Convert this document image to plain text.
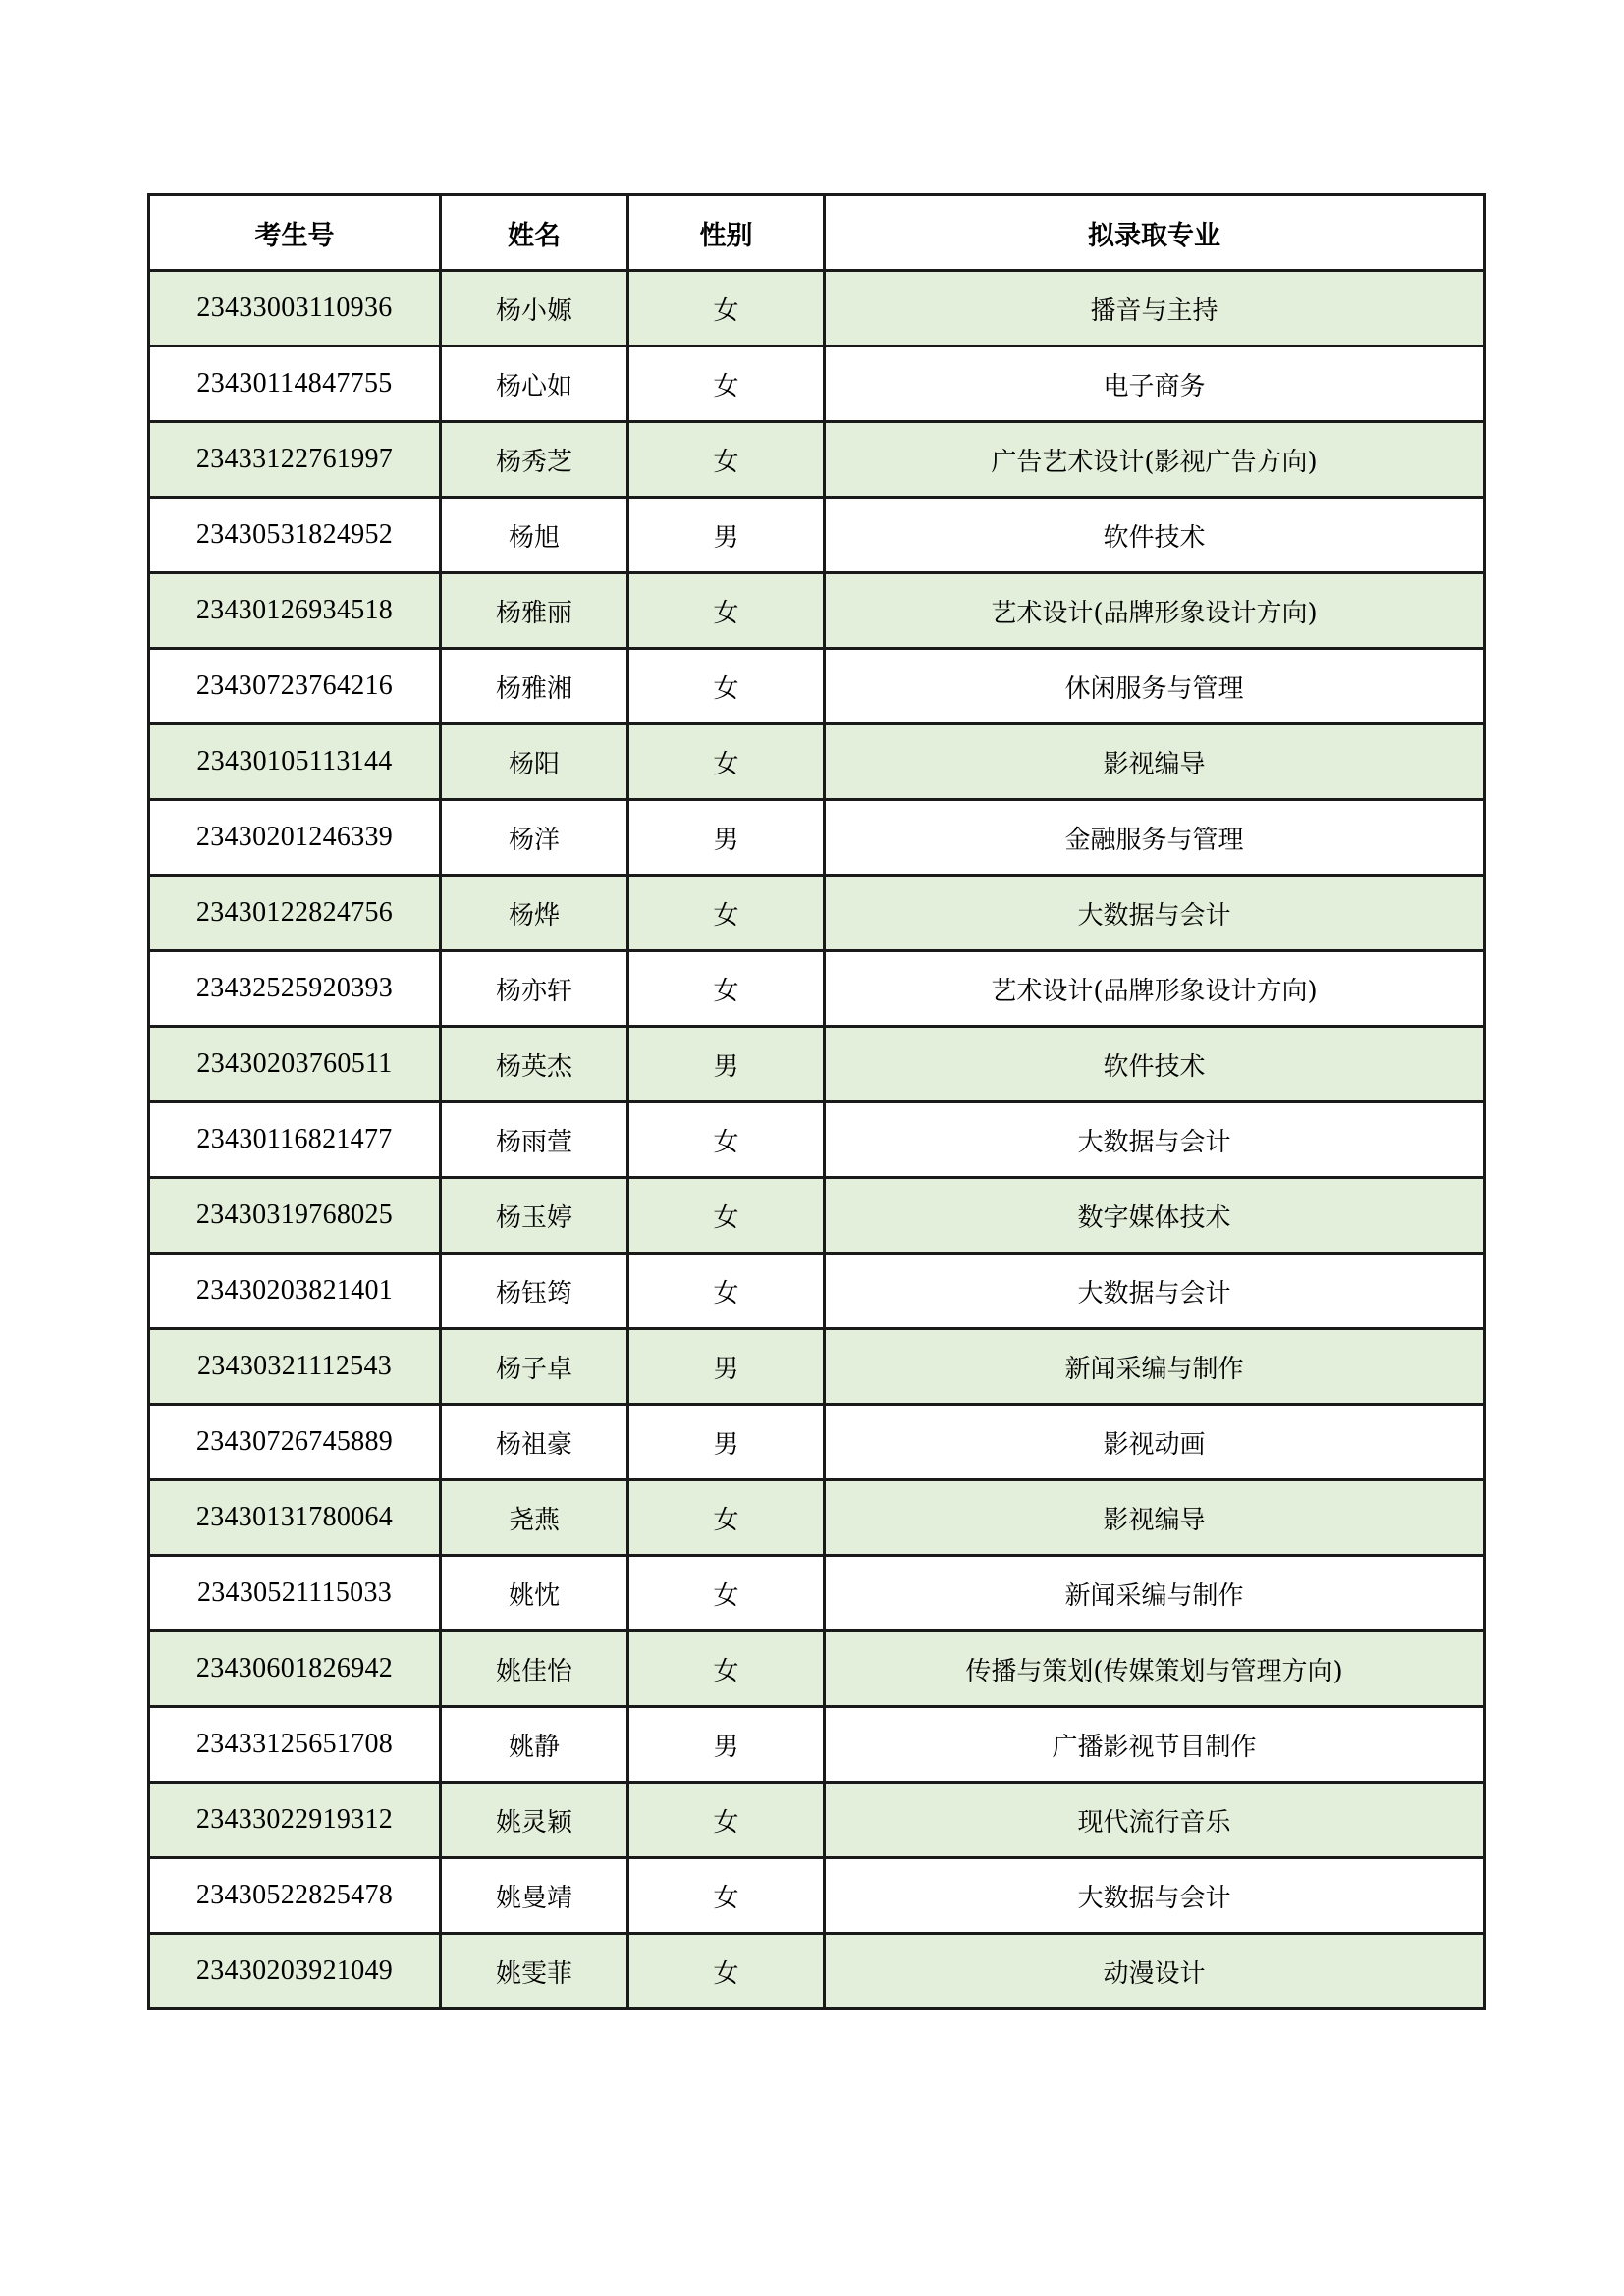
考生号	姓名	性别	拟录取专业
23433003110936	杨小嫄	女	播音与主持
23430114847755	杨心如	女	电子商务
23433122761997	杨秀芝	女	广告艺术设计(影视广告方向)
23430531824952	杨旭	男	软件技术
23430126934518	杨雅丽	女	艺术设计(品牌形象设计方向)
23430723764216	杨雅湘	女	休闲服务与管理
23430105113144	杨阳	女	影视编导
23430201246339	杨洋	男	金融服务与管理
23430122824756	杨烨	女	大数据与会计
23432525920393	杨亦轩	女	艺术设计(品牌形象设计方向)
23430203760511	杨英杰	男	软件技术
23430116821477	杨雨萱	女	大数据与会计
23430319768025	杨玉婷	女	数字媒体技术
23430203821401	杨钰筠	女	大数据与会计
23430321112543	杨子卓	男	新闻采编与制作
23430726745889	杨祖豪	男	影视动画
23430131780064	尧燕	女	影视编导
23430521115033	姚忱	女	新闻采编与制作
23430601826942	姚佳怡	女	传播与策划(传媒策划与管理方向)
23433125651708	姚静	男	广播影视节目制作
23433022919312	姚灵颖	女	现代流行音乐
23430522825478	姚曼靖	女	大数据与会计
23430203921049	姚雯菲	女	动漫设计
